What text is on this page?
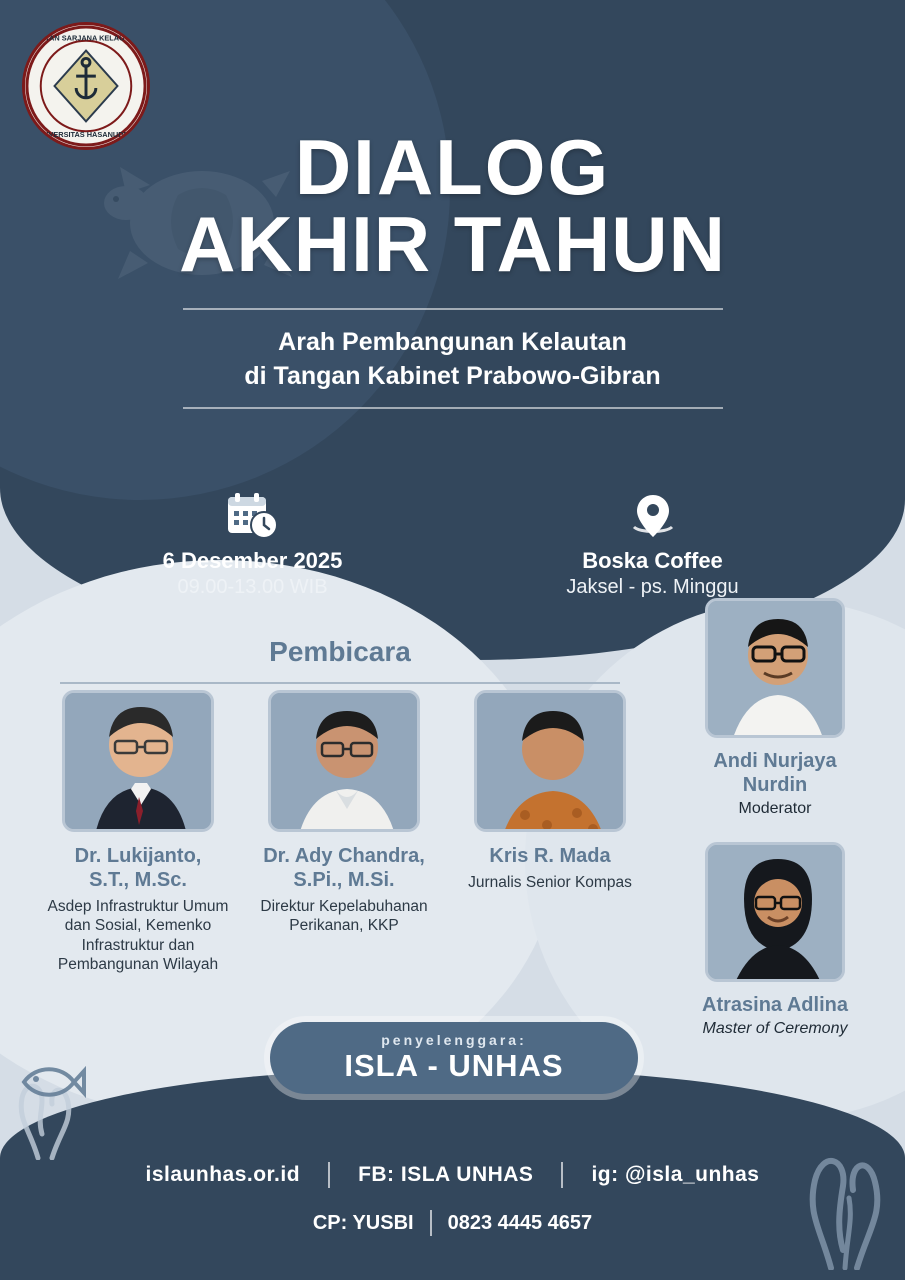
IKATAN SARJANA KELAUTAN
UNIVERSITAS HASANUDDIN	DIALOG
AKHIR TAHUN
Arah Pembangunan Kelautan
di Tangan Kabinet Prabowo-Gibran
6 Desember 2025
09.00-13.00 WIB
Boska Coffee
Jaksel - ps. Minggu
Pembicara
Dr. Lukijanto,
S.T., M.Sc.
Asdep Infrastruktur Umum dan Sosial, Kemenko Infrastruktur dan Pembangunan Wilayah
Dr. Ady Chandra,
S.Pi., M.Si.
Direktur Kepelabuhanan Perikanan, KKP
Kris R. Mada
Jurnalis Senior Kompas
Andi Nurjaya
Nurdin
Moderator
Atrasina Adlina
Master of Ceremony
penyelenggara:
ISLA - UNHAS
islaunhas.or.id	FB: ISLA UNHAS	ig: @isla_unhas
CP: YUSBI 0823 4445 4657
